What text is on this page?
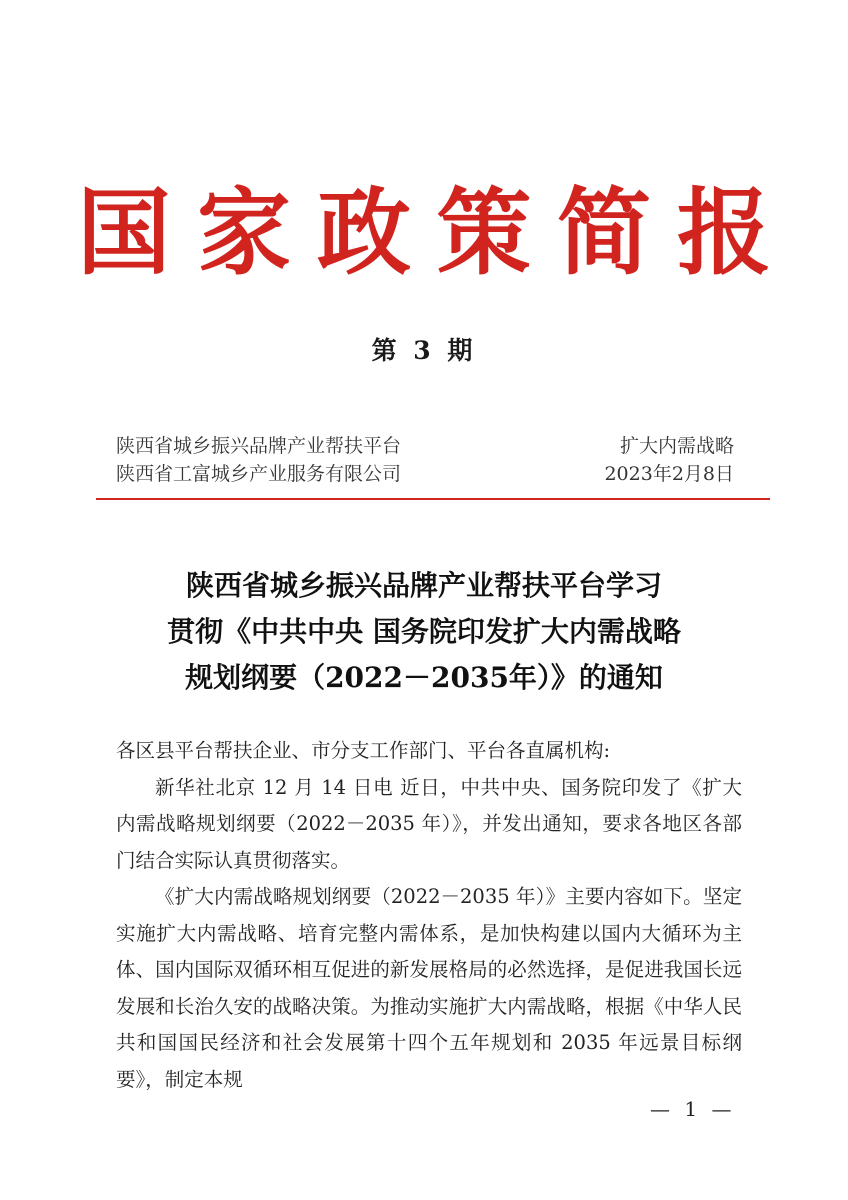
国家政策简报
第 3 期
陕西省城乡振兴品牌产业帮扶平台
陕西省工富城乡产业服务有限公司
扩大内需战略
2023年2月8日
陕西省城乡振兴品牌产业帮扶平台学习
贯彻《中共中央 国务院印发扩大内需战略
规划纲要（2022－2035年）》的通知

各区县平台帮扶企业、市分支工作部门、平台各直属机构:

新华社北京 12 月 14 日电 近日，中共中央、国务院印发了《扩大内需战略规划纲要（2022－2035 年）》，并发出通知，要求各地区各部门结合实际认真贯彻落实。

《扩大内需战略规划纲要（2022－2035 年）》主要内容如下。坚定实施扩大内需战略、培育完整内需体系，是加快构建以国内大循环为主体、国内国际双循环相互促进的新发展格局的必然选择，是促进我国长远发展和长治久安的战略决策。为推动实施扩大内需战略，根据《中华人民共和国国民经济和社会发展第十四个五年规划和 2035 年远景目标纲要》，制定本规

— 1 —
